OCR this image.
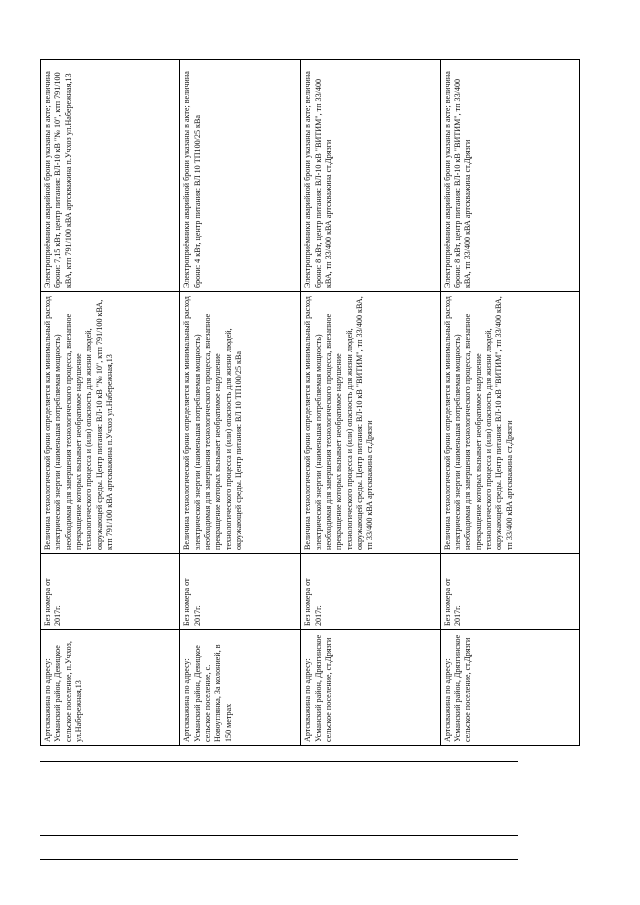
Артскважина по адресу: Усманский район, Девицкое сельское поселение, п.Учхоз, ул.Набережная,13	Без номера от 2017г.	Величина технологической брони определяется как минимальный расход электрической энергии (наименьшая потребляемая мощность) необходимая для завершения технологического процесса, внезапное прекращение которых вызывает необратимое нарушение технологического процесса и (или) опасность для жизни людей, окружающей среды. Центр питания: ВЛ-10 кВ "№ 10", ктп 791/100 кВА, ктп 791/100 кВА артскважина п.Учхоз ул.Набережная,13	Электроприёмники аварийной брони указаны в акте; величина брони: 7,15 кВт, центр питания: ВЛ-10 кВ "№ 10", ктп 791/100 кВА, ктп 791/100 кВА артскважина п.Учхоз ул.Набережная,13
Артскважина по адресу: Усманский район, Девицкое сельское поселение, с. Новоуглянка, За колонией, в 150 метрах	Без номера от 2017г.	Величина технологической брони определяется как минимальный расход электрической энергии (наименьшая потребляемая мощность) необходимая для завершения технологического процесса, внезапное прекращение которых вызывает необратимое нарушение технологического процесса и (или) опасность для жизни людей, окружающей среды. Центр питания: ВЛ 10 ТП100/25 кВа	Электроприёмники аварийной брони указаны в акте; величина брони: 4 кВт, центр питания: ВЛ 10 ТП100/25 кВа
Артскважина по адресу: Усманский район, Дрязгинское сельское поселение, ст.Дрязги	Без номера от 2017г.	Величина технологической брони определяется как минимальный расход электрической энергии (наименьшая потребляемая мощность) необходимая для завершения технологического процесса, внезапное прекращение которых вызывает необратимое нарушение технологического процесса и (или) опасность для жизни людей, окружающей среды. Центр питания: ВЛ-10 кВ "ВИТИМ", тп 33/400 кВА, тп 33/400 кВА артскважина ст.Дрязги	Электроприёмники аварийной брони указаны в акте; величина брони: 8 кВт, центр питания: ВЛ-10 кВ "ВИТИМ", тп 33/400 кВА, тп 33/400 кВА артскважина ст.Дрязги
Артскважина по адресу: Усманский район, Дрязгинское сельское поселение, ст.Дрязги	Без номера от 2017г.	Величина технологической брони определяется как минимальный расход электрической энергии (наименьшая потребляемая мощность) необходимая для завершения технологического процесса, внезапное прекращение которых вызывает необратимое нарушение технологического процесса и (или) опасность для жизни людей, окружающей среды. Центр питания: ВЛ-10 кВ "ВИТИМ", тп 33/400 кВА, тп 33/400 кВА артскважина ст.Дрязги	Электроприёмники аварийной брони указаны в акте; величина брони: 8 кВт, центр питания: ВЛ-10 кВ "ВИТИМ", тп 33/400 кВА, тп 33/400 кВА артскважина ст.Дрязги
